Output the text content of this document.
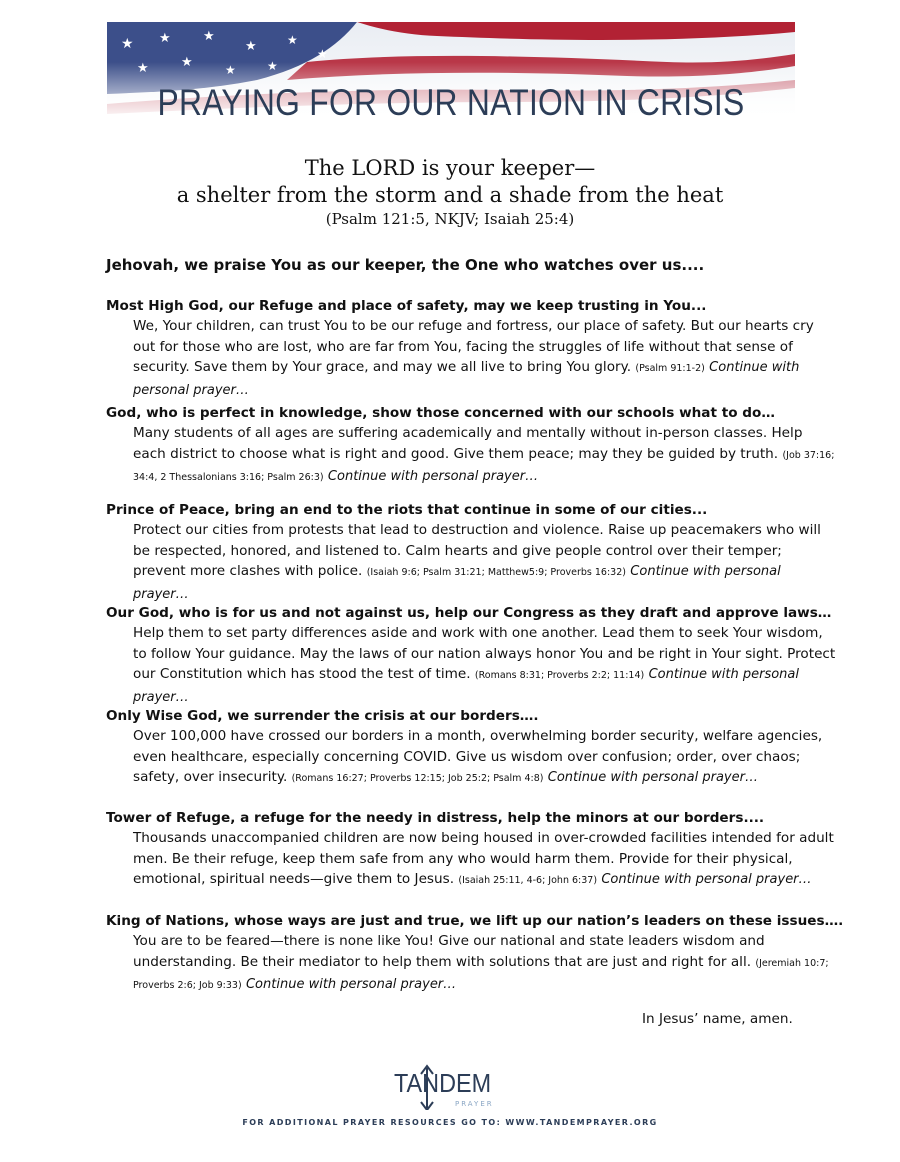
★ ★ ★
★	★
★
PRAYING FOR OUR NATION IN CRISIS
The LORD is your keeper—
a shelter from the storm and a shade from the heat
(Psalm 121:5, NKJV; Isaiah 25:4)
Jehovah, we praise You as our keeper, the One who watches over us....
Most High God, our Refuge and place of safety, may we keep trusting in You...
We, Your children, can trust You to be our refuge and fortress, our place of safety. But our hearts cry out for those who are lost, who are far from You, facing the struggles of life without that sense of security. Save them by Your grace, and may we all live to bring You glory. (Psalm 91:1-2) Continue with personal prayer…
God, who is perfect in knowledge, show those concerned with our schools what to do…
Many students of all ages are suffering academically and mentally without in-person classes. Help each district to choose what is right and good. Give them peace; may they be guided by truth. (Job 37:16; 34:4, 2 Thessalonians 3:16; Psalm 26:3) Continue with personal prayer…
Prince of Peace, bring an end to the riots that continue in some of our cities...
Protect our cities from protests that lead to destruction and violence. Raise up peacemakers who will be respected, honored, and listened to. Calm hearts and give people control over their temper; prevent more clashes with police. (Isaiah 9:6; Psalm 31:21; Matthew5:9; Proverbs 16:32) Continue with personal prayer…
Our God, who is for us and not against us, help our Congress as they draft and approve laws…
Help them to set party differences aside and work with one another. Lead them to seek Your wisdom, to follow Your guidance. May the laws of our nation always honor You and be right in Your sight. Protect our Constitution which has stood the test of time. (Romans 8:31; Proverbs 2:2; 11:14) Continue with personal prayer…
Only Wise God, we surrender the crisis at our borders….
Over 100,000 have crossed our borders in a month, overwhelming border security, welfare agencies, even healthcare, especially concerning COVID. Give us wisdom over confusion; order, over chaos; safety, over insecurity. (Romans 16:27; Proverbs 12:15; Job 25:2; Psalm 4:8) Continue with personal prayer…
Tower of Refuge, a refuge for the needy in distress, help the minors at our borders....
Thousands unaccompanied children are now being housed in over-crowded facilities intended for adult men. Be their refuge, keep them safe from any who would harm them. Provide for their physical, emotional, spiritual needs—give them to Jesus. (Isaiah 25:11, 4-6; John 6:37) Continue with personal prayer…
King of Nations, whose ways are just and true, we lift up our nation’s leaders on these issues….
You are to be feared—there is none like You! Give our national and state leaders wisdom and understanding. Be their mediator to help them with solutions that are just and right for all. (Jeremiah 10:7; Proverbs 2:6; Job 9:33) Continue with personal prayer…
In Jesus’ name, amen.
TANDEM
PRAYER
FOR ADDITIONAL PRAYER RESOURCES GO TO: WWW.TANDEMPRAYER.ORG
